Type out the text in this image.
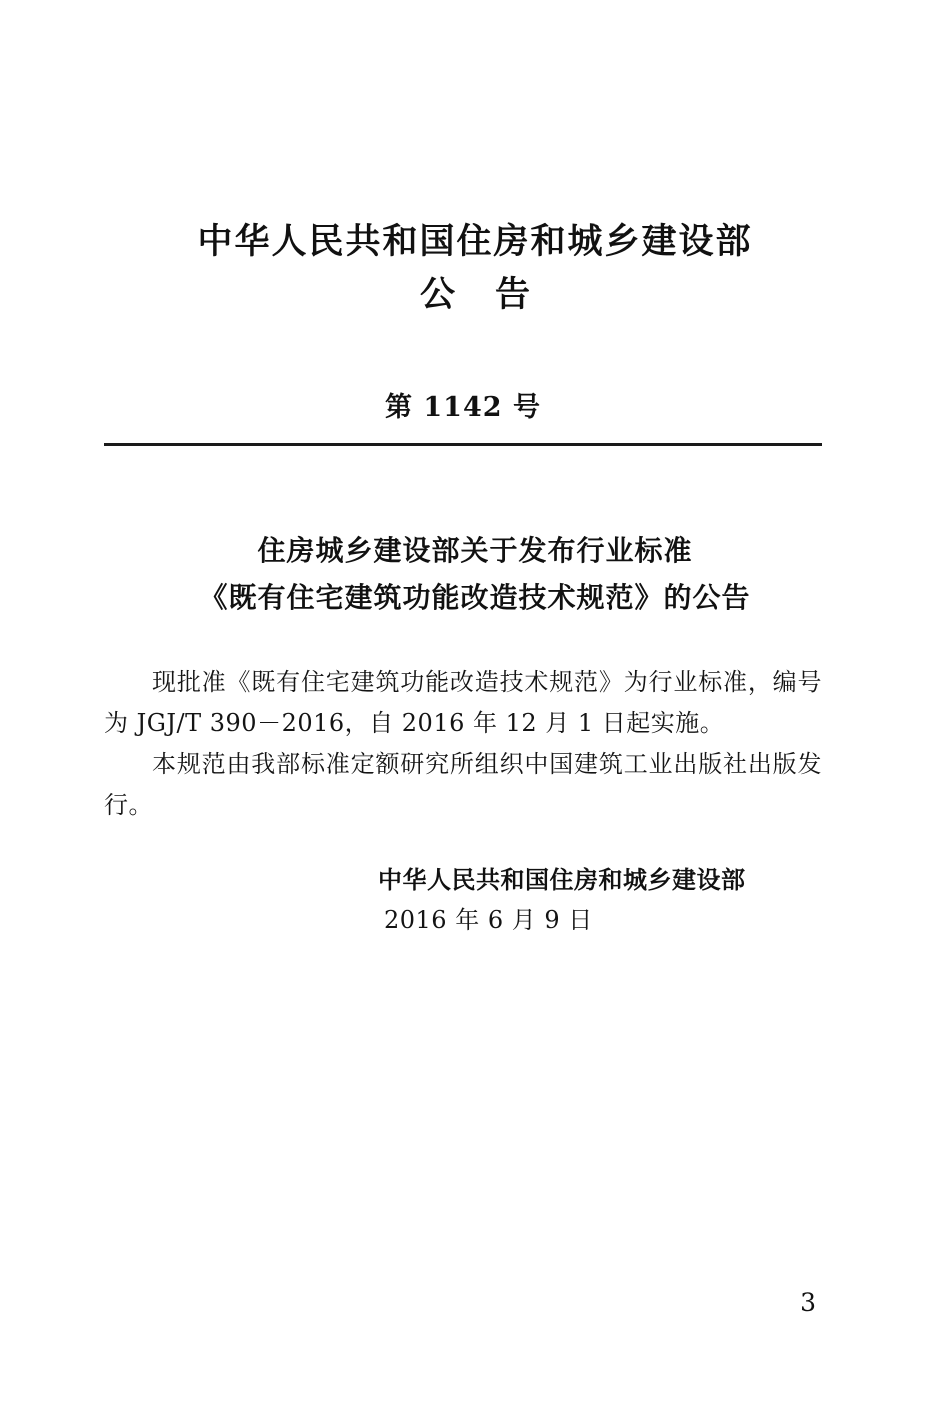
中华人民共和国住房和城乡建设部
公告
第 1142 号
住房城乡建设部关于发布行业标准
《既有住宅建筑功能改造技术规范》的公告

现批准《既有住宅建筑功能改造技术规范》为行业标准，编号为 JGJ/T 390－2016，自 2016 年 12 月 1 日起实施。

本规范由我部标准定额研究所组织中国建筑工业出版社出版发行。

中华人民共和国住房和城乡建设部
2016 年 6 月 9 日
3
